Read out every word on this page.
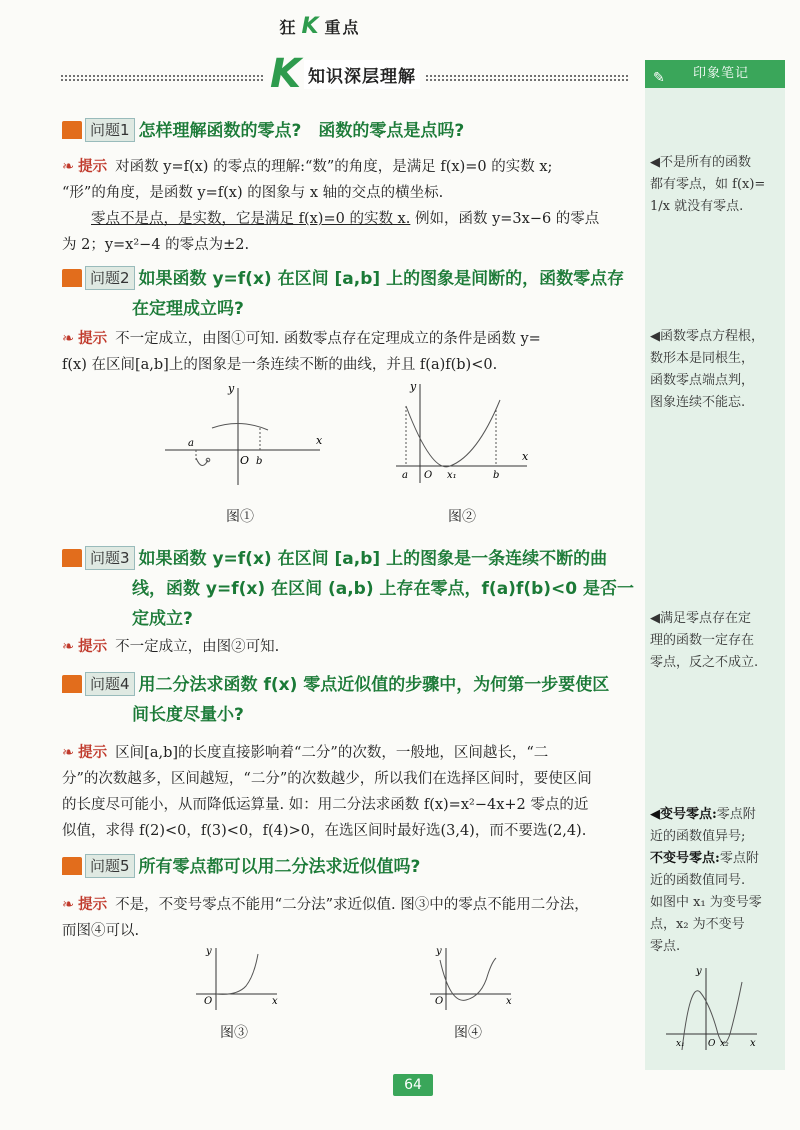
狂 K 重点
K 知识深层理解	✎ 印象笔记
问题1 怎样理解函数的零点?　函数的零点是点吗?
❧ 提示 对函数 y=f(x) 的零点的理解:“数”的角度，是满足 f(x)=0 的实数 x;
“形”的角度，是函数 y=f(x) 的图象与 x 轴的交点的横坐标.
零点不是点，是实数，它是满足 f(x)=0 的实数 x. 例如，函数 y=3x−6 的零点
为 2；y=x²−4 的零点为±2.
问题2 如果函数 y=f(x) 在区间 [a,b] 上的图象是间断的，函数零点存
在定理成立吗?
❧ 提示 不一定成立，由图①可知. 函数零点存在定理成立的条件是函数 y=
f(x) 在区间[a,b]上的图象是一条连续不断的曲线，并且 f(a)f(b)<0.
x
y
O
a
b
图①
x
y
O
a	x₁	b
图②
问题3 如果函数 y=f(x) 在区间 [a,b] 上的图象是一条连续不断的曲
线，函数 y=f(x) 在区间 (a,b) 上存在零点，f(a)f(b)<0 是否一
定成立?
❧ 提示 不一定成立，由图②可知.
问题4 用二分法求函数 f(x) 零点近似值的步骤中，为何第一步要使区
间长度尽量小?
❧ 提示 区间[a,b]的长度直接影响着“二分”的次数，一般地，区间越长，“二
分”的次数越多，区间越短，“二分”的次数越少，所以我们在选择区间时，要使区间
的长度尽可能小，从而降低运算量. 如：用二分法求函数 f(x)=x²−4x+2 零点的近
似值，求得 f(2)<0，f(3)<0，f(4)>0，在选区间时最好选(3,4)，而不要选(2,4).
问题5 所有零点都可以用二分法求近似值吗?
❧ 提示 不是，不变号零点不能用“二分法”求近似值. 图③中的零点不能用二分法，
而图④可以.
x
y
O
图③
x
y
O
图④
◀不是所有的函数
都有零点，如 f(x)=
1/x 就没有零点.
◀函数零点方程根，
数形本是同根生，
函数零点端点判，
图象连续不能忘.
◀满足零点存在定
理的函数一定存在
零点，反之不成立.
◀变号零点:零点附
近的函数值异号;
不变号零点:零点附
近的函数值同号.
如图中 x₁ 为变号零
点，x₂ 为不变号
零点.
x
y
O
x₁	x₂
64
